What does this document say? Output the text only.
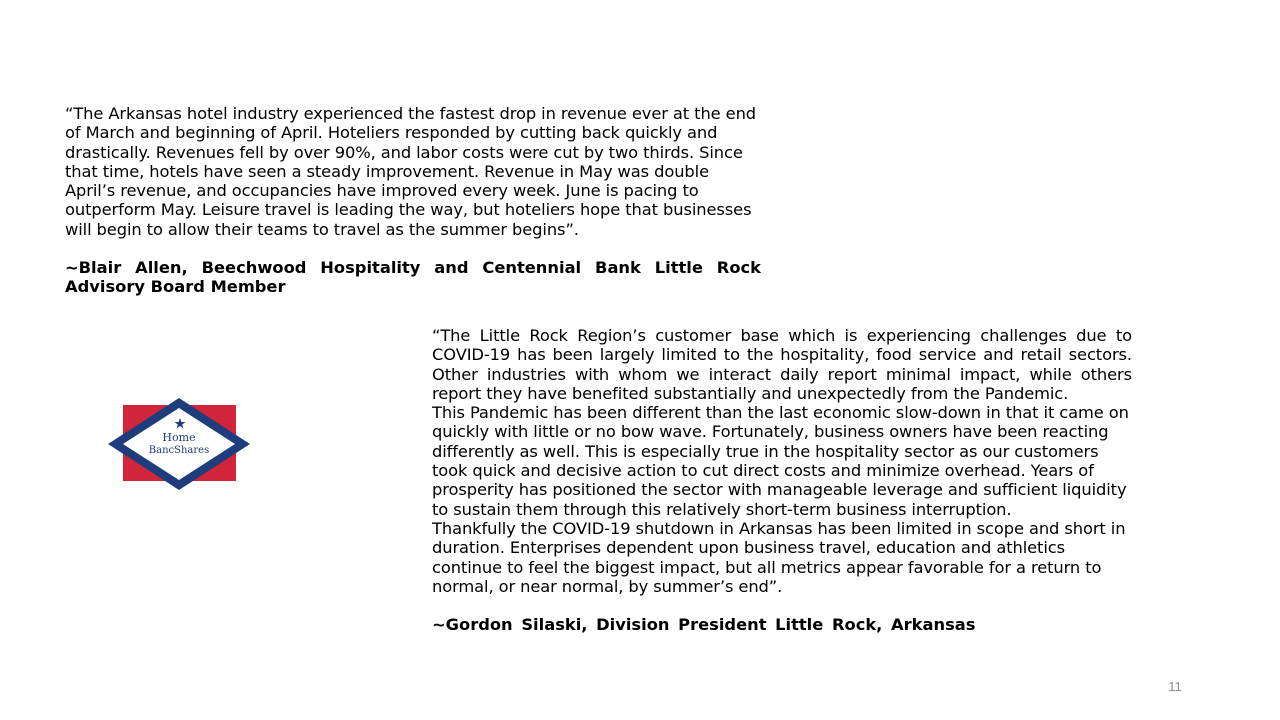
“The Arkansas hotel industry experienced the fastest drop in revenue ever at the end of March and beginning of April. Hoteliers responded by cutting back quickly and drastically. Revenues fell by over 90%, and labor costs were cut by two thirds. Since that time, hotels have seen a steady improvement. Revenue in May was double April’s revenue, and occupancies have improved every week. June is pacing to outperform May. Leisure travel is leading the way, but hoteliers hope that businesses will begin to allow their teams to travel as the summer begins”.

~Blair Allen, Beechwood Hospitality and Centennial Bank Little Rock Advisory Board Member

Home
BancShares

“The Little Rock Region’s customer base which is experiencing challenges due to COVID-19 has been largely limited to the hospitality, food service and retail sectors. Other industries with whom we interact daily report minimal impact, while others report they have benefited substantially and unexpectedly from the Pandemic.

This Pandemic has been different than the last economic slow-down in that it came on quickly with little or no bow wave. Fortunately, business owners have been reacting differently as well. This is especially true in the hospitality sector as our customers took quick and decisive action to cut direct costs and minimize overhead. Years of prosperity has positioned the sector with manageable leverage and sufficient liquidity to sustain them through this relatively short-term business interruption.

Thankfully the COVID-19 shutdown in Arkansas has been limited in scope and short in duration. Enterprises dependent upon business travel, education and athletics continue to feel the biggest impact, but all metrics appear favorable for a return to normal, or near normal, by summer’s end”.

~Gordon Silaski, Division President Little Rock, Arkansas

11
